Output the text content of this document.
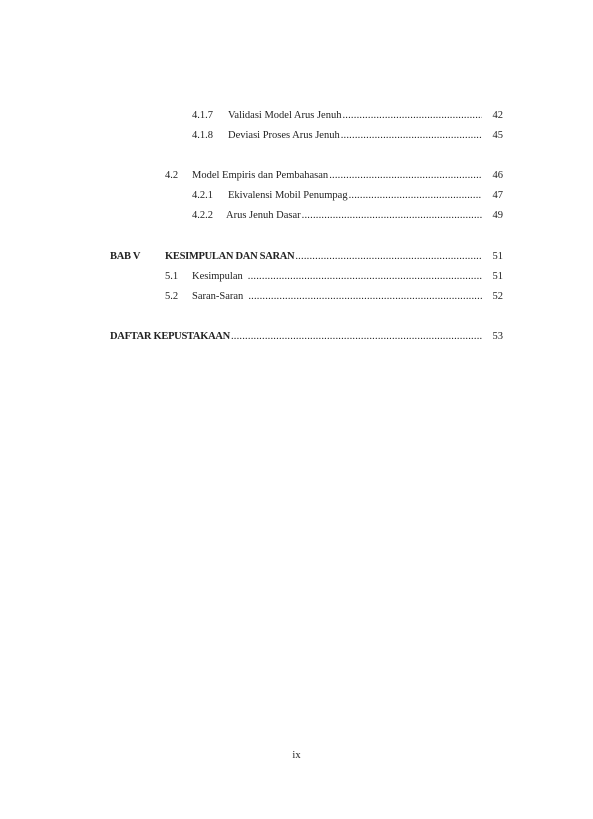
4.1.7 Validasi Model Arus Jenuh .....	42
4.1.8 Deviasi Proses Arus Jenuh .....	45
4.2 Model Empiris dan Pembahasan .....	46
4.2.1 Ekivalensi Mobil Penumpag .....	47
4.2.2 Arus Jenuh Dasar .....	49
BAB V KESIMPULAN DAN SARAN .....	51
5.1 Kesimpulan .....	51
5.2 Saran-Saran .....	52
DAFTAR KEPUSTAKAAN .....	53
ix
